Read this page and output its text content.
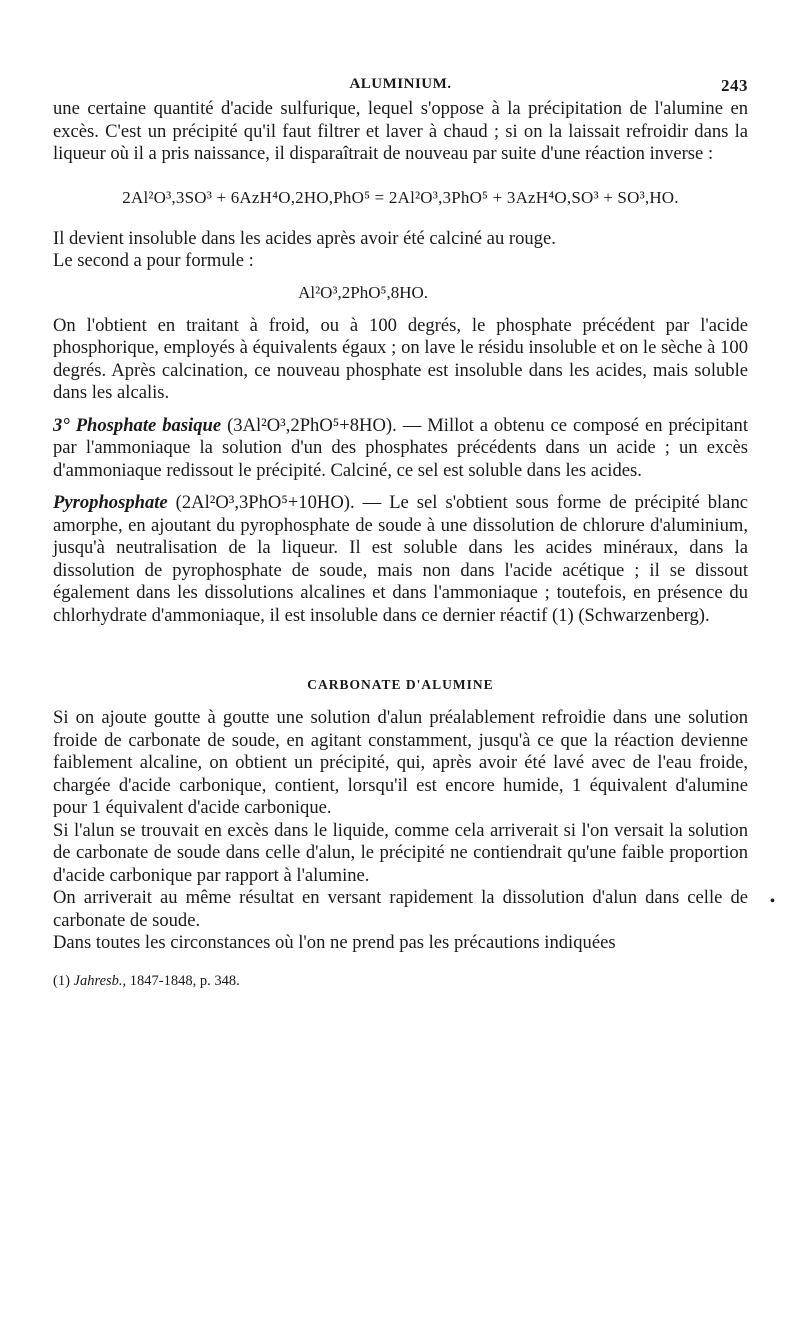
ALUMINIUM.	243

une certaine quantité d'acide sulfurique, lequel s'oppose à la précipitation de l'alumine en excès. C'est un précipité qu'il faut filtrer et laver à chaud ; si on la laissait refroidir dans la liqueur où il a pris naissance, il disparaîtrait de nouveau par suite d'une réaction inverse :

2Al²O³,3SO³ + 6AzH⁴O,2HO,PhO⁵ = 2Al²O³,3PhO⁵ + 3AzH⁴O,SO³ + SO³,HO.

Il devient insoluble dans les acides après avoir été calciné au rouge.

Le second a pour formule :

Al²O³,2PhO⁵,8HO.

On l'obtient en traitant à froid, ou à 100 degrés, le phosphate précédent par l'acide phosphorique, employés à équivalents égaux ; on lave le résidu insoluble et on le sèche à 100 degrés. Après calcination, ce nouveau phosphate est insoluble dans les acides, mais soluble dans les alcalis.

3° Phosphate basique (3Al²O³,2PhO⁵+8HO). — Millot a obtenu ce composé en précipitant par l'ammoniaque la solution d'un des phosphates précédents dans un acide ; un excès d'ammoniaque redissout le précipité. Calciné, ce sel est soluble dans les acides.

Pyrophosphate (2Al²O³,3PhO⁵+10HO). — Le sel s'obtient sous forme de précipité blanc amorphe, en ajoutant du pyrophosphate de soude à une dissolution de chlorure d'aluminium, jusqu'à neutralisation de la liqueur. Il est soluble dans les acides minéraux, dans la dissolution de pyrophosphate de soude, mais non dans l'acide acétique ; il se dissout également dans les dissolutions alcalines et dans l'ammoniaque ; toutefois, en présence du chlorhydrate d'ammoniaque, il est insoluble dans ce dernier réactif (1) (Schwarzenberg).

CARBONATE D'ALUMINE

Si on ajoute goutte à goutte une solution d'alun préalablement refroidie dans une solution froide de carbonate de soude, en agitant constamment, jusqu'à ce que la réaction devienne faiblement alcaline, on obtient un précipité, qui, après avoir été lavé avec de l'eau froide, chargée d'acide carbonique, contient, lorsqu'il est encore humide, 1 équivalent d'alumine pour 1 équivalent d'acide carbonique.

Si l'alun se trouvait en excès dans le liquide, comme cela arriverait si l'on versait la solution de carbonate de soude dans celle d'alun, le précipité ne contiendrait qu'une faible proportion d'acide carbonique par rapport à l'alumine.

On arriverait au même résultat en versant rapidement la dissolution d'alun dans celle de carbonate de soude.

Dans toutes les circonstances où l'on ne prend pas les précautions indiquées

(1) Jahresb., 1847-1848, p. 348.
•
